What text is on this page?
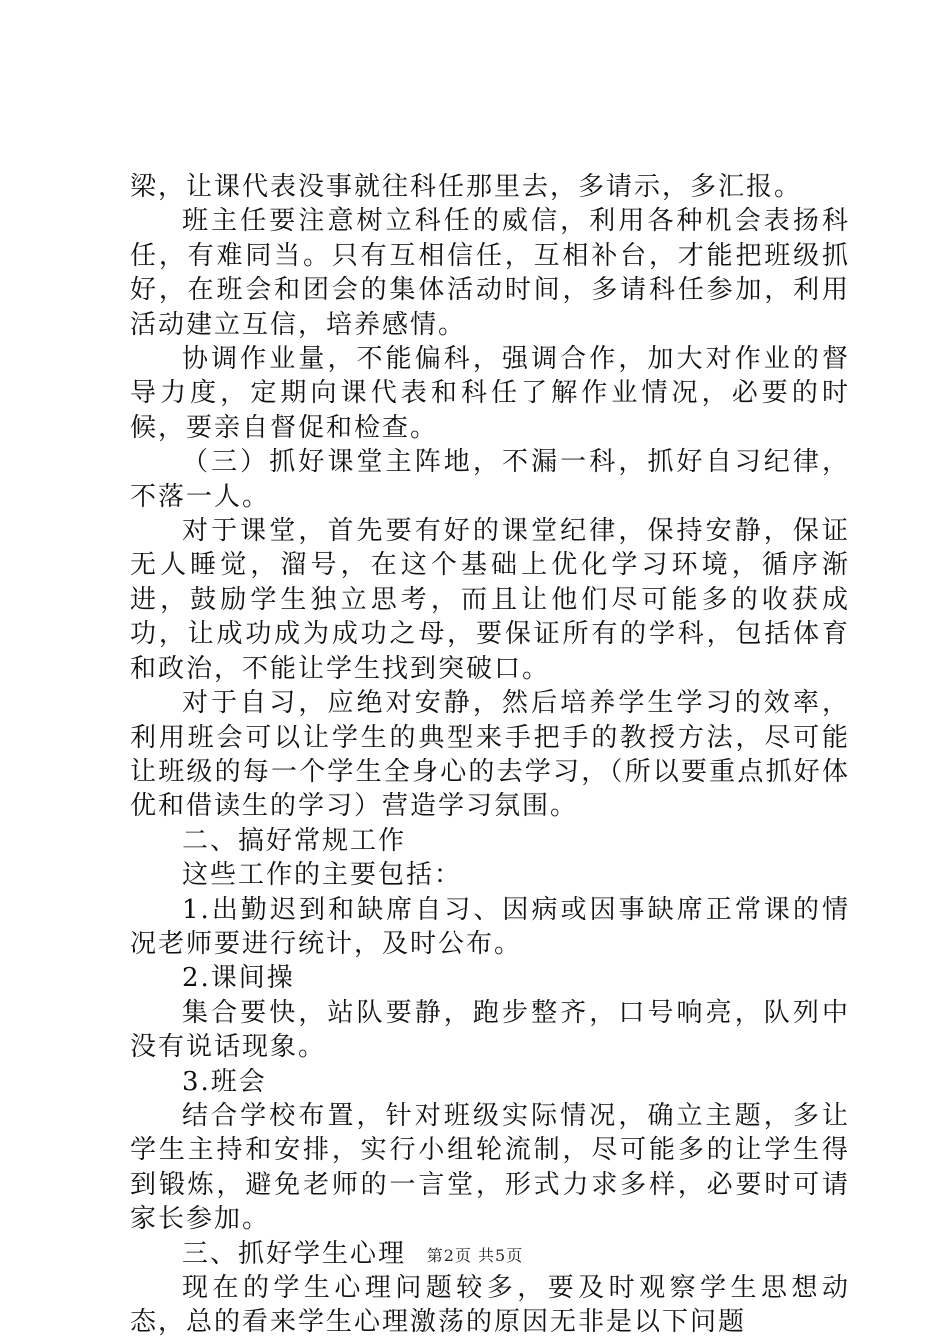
梁，让课代表没事就往科任那里去，多请示，多汇报。

班主任要注意树立科任的威信，利用各种机会表扬科任，有难同当。只有互相信任，互相补台，才能把班级抓好，在班会和团会的集体活动时间，多请科任参加，利用活动建立互信，培养感情。

协调作业量，不能偏科，强调合作，加大对作业的督导力度，定期向课代表和科任了解作业情况，必要的时候，要亲自督促和检查。

（三）抓好课堂主阵地，不漏一科，抓好自习纪律，不落一人。

对于课堂，首先要有好的课堂纪律，保持安静，保证无人睡觉，溜号，在这个基础上优化学习环境，循序渐进，鼓励学生独立思考，而且让他们尽可能多的收获成功，让成功成为成功之母，要保证所有的学科，包括体育和政治，不能让学生找到突破口。

对于自习，应绝对安静，然后培养学生学习的效率，利用班会可以让学生的典型来手把手的教授方法，尽可能让班级的每一个学生全身心的去学习，（所以要重点抓好体优和借读生的学习）营造学习氛围。

二、搞好常规工作

这些工作的主要包括：

1.出勤迟到和缺席自习、因病或因事缺席正常课的情况老师要进行统计，及时公布。

2.课间操

集合要快，站队要静，跑步整齐，口号响亮，队列中没有说话现象。

3.班会

结合学校布置，针对班级实际情况，确立主题，多让学生主持和安排，实行小组轮流制，尽可能多的让学生得到锻炼，避免老师的一言堂，形式力求多样，必要时可请家长参加。

三、抓好学生心理

现在的学生心理问题较多，要及时观察学生思想动态，总的看来学生心理激荡的原因无非是以下问题

第2页 共5页
